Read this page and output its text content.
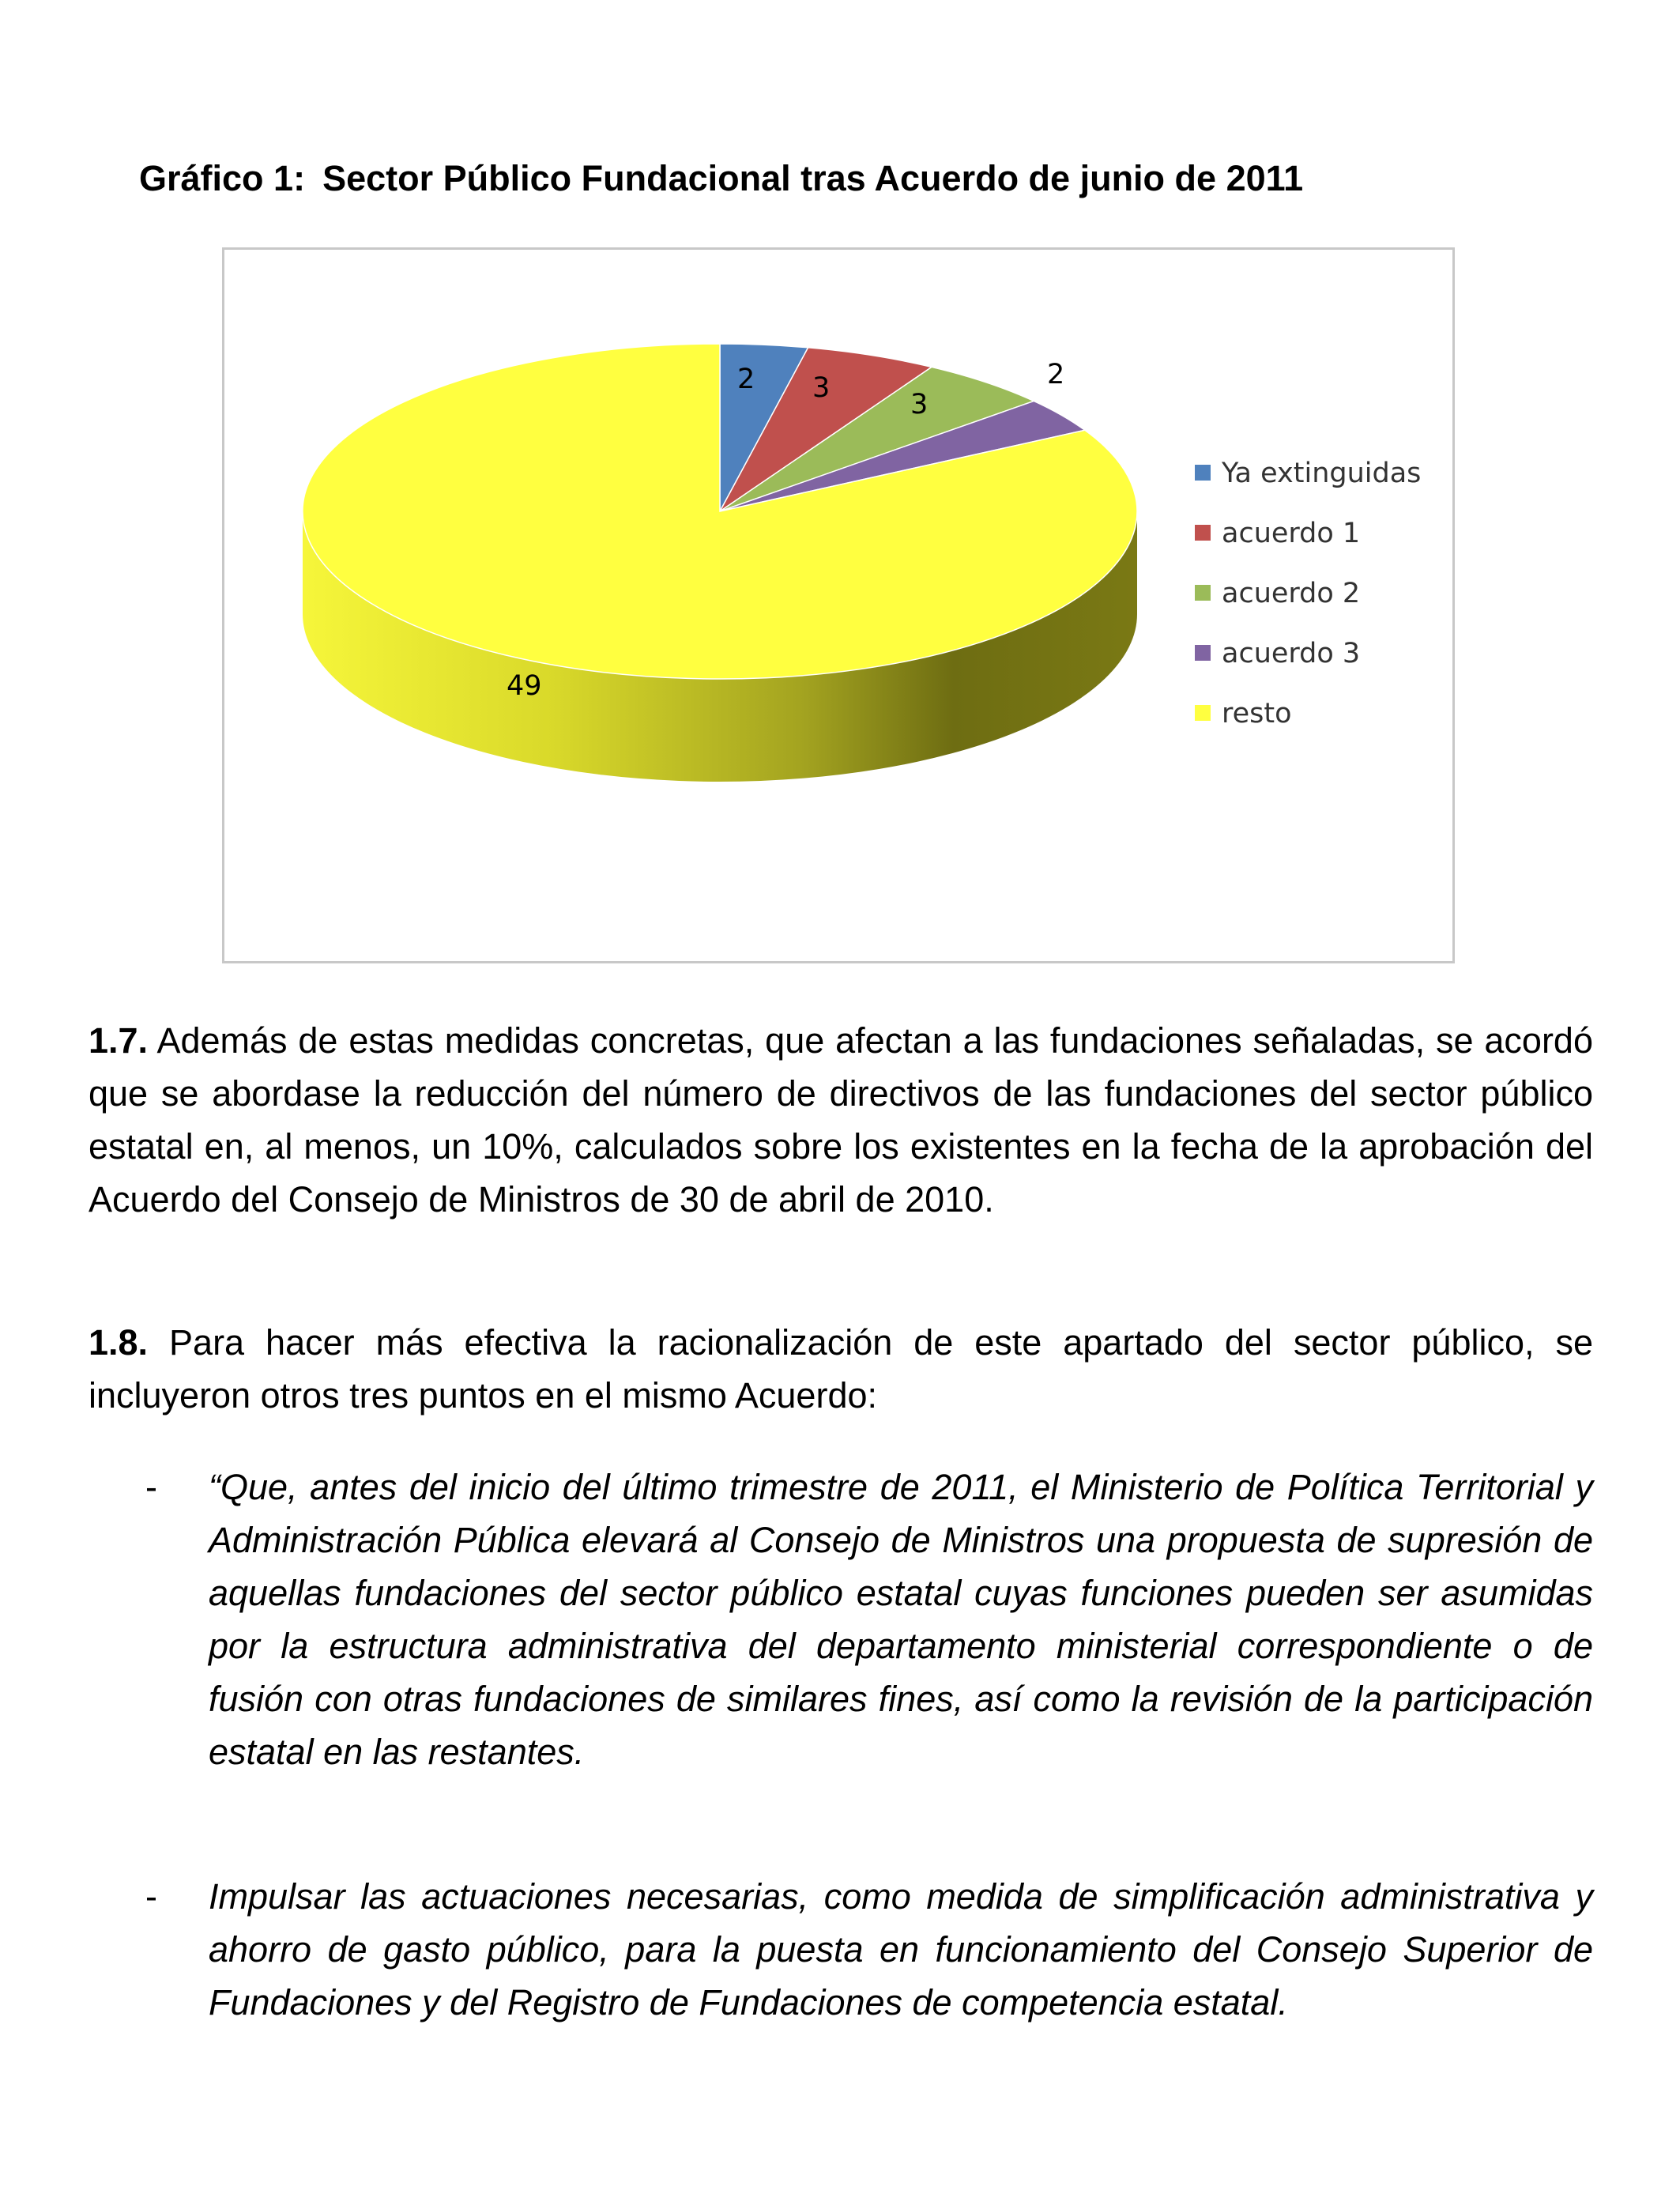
Gráfico 1: Sector Público Fundacional tras Acuerdo de junio de 2011
2 3
3
2
49
Ya extinguidas
acuerdo 1
acuerdo 2
acuerdo 3
resto

1.7. Además de estas medidas concretas, que afectan a las fundaciones señaladas, se acordó que se abordase la reducción del número de directivos de las fundaciones del sector público estatal en, al menos, un 10%, calculados sobre los existentes en la fecha de la aprobación del Acuerdo del Consejo de Ministros de 30 de abril de 2010.

1.8. Para hacer más efectiva la racionalización de este apartado del sector público, se incluyeron otros tres puntos en el mismo Acuerdo:

- “Que, antes del inicio del último trimestre de 2011, el Ministerio de Política Territorial y Administración Pública elevará al Consejo de Ministros una propuesta de supresión de aquellas fundaciones del sector público estatal cuyas funciones pueden ser asumidas por la estructura administrativa del departamento ministerial correspondiente o de fusión con otras fundaciones de similares fines, así como la revisión de la participación estatal en las restantes.

- Impulsar las actuaciones necesarias, como medida de simplificación administrativa y ahorro de gasto público, para la puesta en funcionamiento del Consejo Superior de Fundaciones y del Registro de Fundaciones de competencia estatal.
